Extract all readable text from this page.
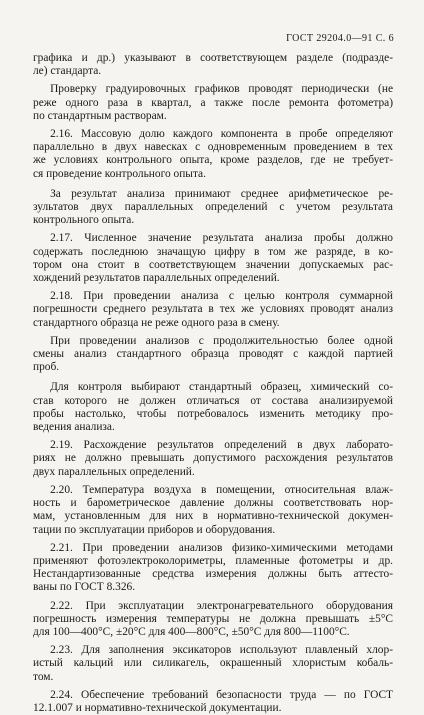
ГОСТ 29204.0—91 С. 6
графика и др.) указывают в соответствующем разделе (подразде-
ле) стандарта.
  Проверку градуировочных графиков проводят периодически (не
реже одного раза в квартал, а также после ремонта фотометра)
по стандартным растворам.
  2.16. Массовую долю каждого компонента в пробе определяют
параллельно в двух навесках с одновременным проведением в тех
же условиях контрольного опыта, кроме разделов, где не требует-
ся проведение контрольного опыта.
  За результат анализа принимают среднее арифметическое ре-
зультатов двух параллельных определений с учетом результата
контрольного опыта.
  2.17. Численное значение результата анализа пробы должно
содержать последнюю значащую цифру в том же разряде, в ко-
тором она стоит в соответствующем значении допускаемых рас-
хождений результатов параллельных определений.
  2.18. При проведении анализа с целью контроля суммарной
погрешности среднего результата в тех же условиях проводят анализ
стандартного образца не реже одного раза в смену.
  При проведении анализов с продолжительностью более одной
смены анализ стандартного образца проводят с каждой партией
проб.
  Для контроля выбирают стандартный образец, химический со-
став которого не должен отличаться от состава анализируемой
пробы настолько, чтобы потребовалось изменить методику про-
ведения анализа.
  2.19. Расхождение результатов определений в двух лаборато-
риях не должно превышать допустимого расхождения результатов
двух параллельных определений.
  2.20. Температура воздуха в помещении, относительная влаж-
ность и барометрическое давление должны соответствовать нор-
мам, установленным для них в нормативно-технической докумен-
тации по эксплуатации приборов и оборудования.
  2.21. При проведении анализов физико-химическими методами
применяют фотоэлектроколориметры, пламенные фотометры и др.
Нестандартизованные средства измерения должны быть аттесто-
ваны по ГОСТ 8.326.
  2.22. При эксплуатации электронагревательного оборудования
погрешность измерения температуры не должна превышать ±5°С
для 100—400°С, ±20°С для 400—800°С, ±50°С для 800—1100°С.
  2.23. Для заполнения эксикаторов используют плавленый хлор-
истый кальций или силикагель, окрашенный хлористым кобаль-
том.
  2.24. Обеспечение требований безопасности труда — по ГОСТ
12.1.007 и нормативно-технической документации.
